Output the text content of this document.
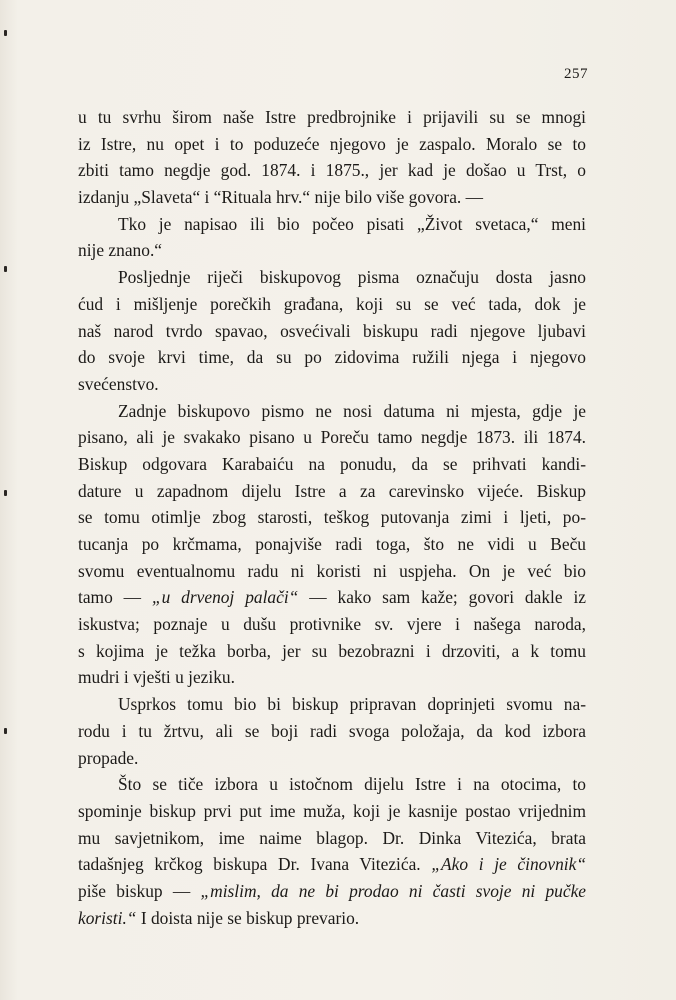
257
u tu svrhu širom naše Istre predbrojnike i prijavili su se mnogi
iz Istre, nu opet i to poduzeće njegovo je zaspalo. Moralo se to
zbiti tamo negdje god. 1874. i 1875., jer kad je došao u Trst, o
izdanju „Slaveta“ i “Rituala hrv.“ nije bilo više govora. —
Tko je napisao ili bio počeo pisati „Život svetaca,“ meni
nije znano.“
Posljednje riječi biskupovog pisma označuju dosta jasno
ćud i mišljenje porečkih građana, koji su se već tada, dok je
naš narod tvrdo spavao, osvećivali biskupu radi njegove ljubavi
do svoje krvi time, da su po zidovima ružili njega i njegovo
svećenstvo.
Zadnje biskupovo pismo ne nosi datuma ni mjesta, gdje je
pisano, ali je svakako pisano u Poreču tamo negdje 1873. ili 1874.
Biskup odgovara Karabaiću na ponudu, da se prihvati kandi-
dature u zapadnom dijelu Istre a za carevinsko vijeće. Biskup
se tomu otimlje zbog starosti, teškog putovanja zimi i ljeti, po-
tucanja po krčmama, ponajviše radi toga, što ne vidi u Beču
svomu eventualnomu radu ni koristi ni uspjeha. On je već bio
tamo — „u drvenoj palači“ — kako sam kaže; govori dakle iz
iskustva; poznaje u dušu protivnike sv. vjere i našega naroda,
s kojima je težka borba, jer su bezobrazni i drzoviti, a k tomu
mudri i vješti u jeziku.
Usprkos tomu bio bi biskup pripravan doprinjeti svomu na-
rodu i tu žrtvu, ali se boji radi svoga položaja, da kod izbora
propade.
Što se tiče izbora u istočnom dijelu Istre i na otocima, to
spominje biskup prvi put ime muža, koji je kasnije postao vrijednim
mu savjetnikom, ime naime blagop. Dr. Dinka Vitezića, brata
tadašnjeg krčkog biskupa Dr. Ivana Vitezića. „Ako i je činovnik“
piše biskup — „mislim, da ne bi prodao ni časti svoje ni pučke
koristi.“ I doista nije se biskup prevario.
